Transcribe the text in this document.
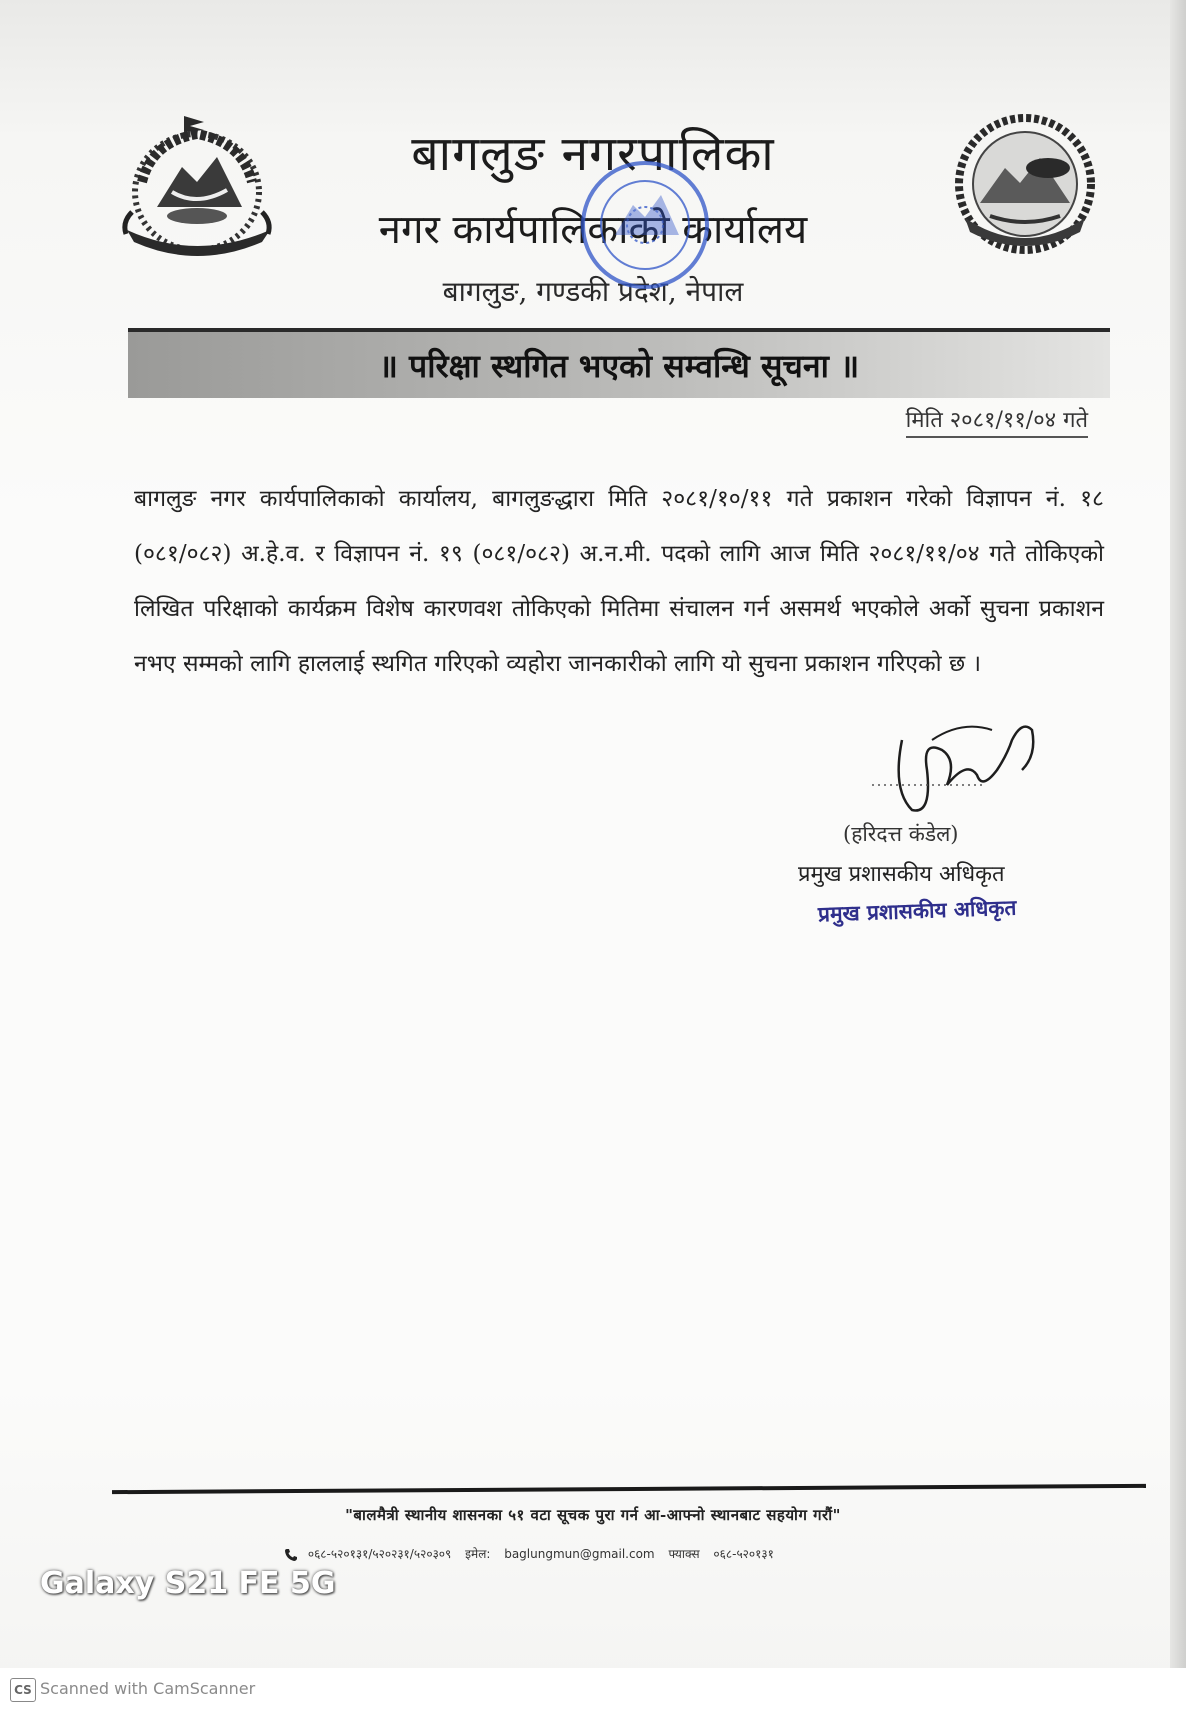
बागलुङ नगरपालिका
नगर कार्यपालिकाको कार्यालय
बागलुङ, गण्डकी प्रदेश, नेपाल
॥ परिक्षा स्थगित भएको सम्वन्धि सूचना ॥
मिति २०८१/११/०४ गते
बागलुङ नगर कार्यपालिकाको कार्यालय, बागलुङद्धारा मिति २०८१/१०/११ गते प्रकाशन गरेको विज्ञापन नं. १८ (०८१/०८२) अ.हे.व. र विज्ञापन नं. १९ (०८१/०८२) अ.न.मी. पदको लागि आज मिति २०८१/११/०४ गते तोकिएको लिखित परिक्षाको कार्यक्रम विशेष कारणवश तोकिएको मितिमा संचालन गर्न असमर्थ भएकोले अर्को सुचना प्रकाशन नभए सम्मको लागि हाललाई स्थगित गरिएको व्यहोरा जानकारीको लागि यो सुचना प्रकाशन गरिएको छ ।
(हरिदत्त कंडेल)
प्रमुख प्रशासकीय अधिकृत
प्रमुख प्रशासकीय अधिकृत
"बालमैत्री स्थानीय शासनका ५१ वटा सूचक पुरा गर्न आ-आफ्नो स्थानबाट सहयोग गरौं"
०६८-५२०१३१/५२०२३१/५२०३०९ इमेल: baglungmun@gmail.com फ्याक्स ०६८-५२०१३१
Galaxy S21 FE 5G
CS Scanned with CamScanner
